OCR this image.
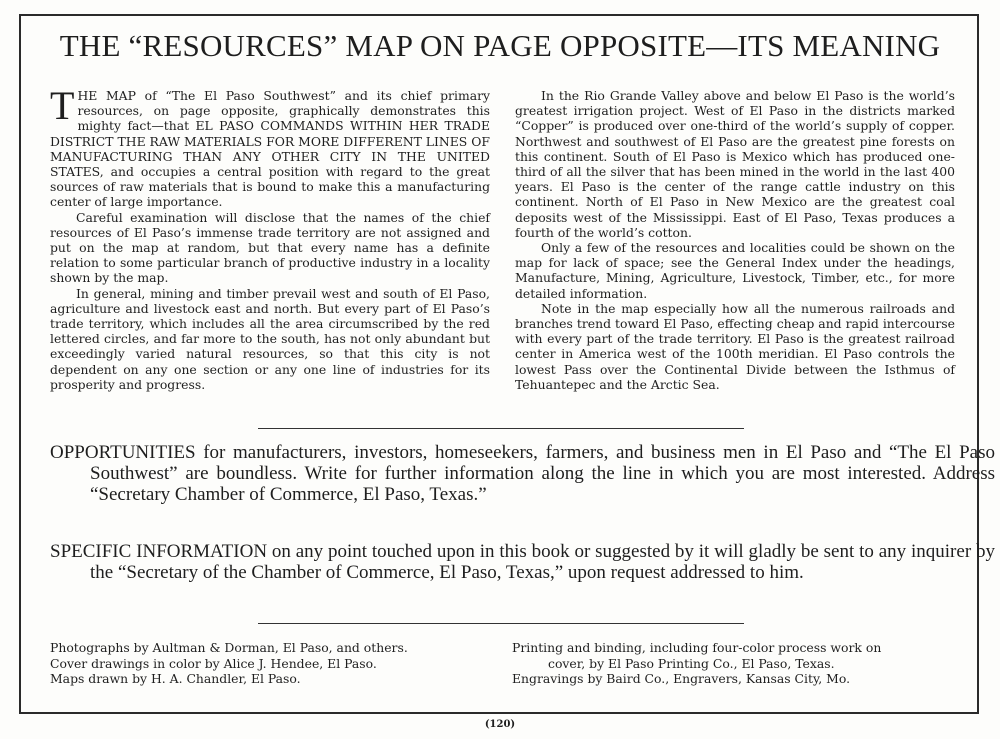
THE “RESOURCES” MAP ON PAGE OPPOSITE—ITS MEANING

THE MAP of “The El Paso Southwest” and its chief primary resources, on page opposite, graphically demonstrates this mighty fact—that EL PASO COMMANDS WITHIN HER TRADE DISTRICT THE RAW MATERIALS FOR MORE DIFFERENT LINES OF MANUFACTURING THAN ANY OTHER CITY IN THE UNITED STATES, and occupies a central position with regard to the great sources of raw materials that is bound to make this a manufacturing center of large importance.

Careful examination will disclose that the names of the chief resources of El Paso’s immense trade territory are not assigned and put on the map at random, but that every name has a definite relation to some particular branch of productive industry in a locality shown by the map.

In general, mining and timber prevail west and south of El Paso, agriculture and livestock east and north. But every part of El Paso’s trade territory, which includes all the area circumscribed by the red lettered circles, and far more to the south, has not only abundant but exceedingly varied natural resources, so that this city is not dependent on any one section or any one line of industries for its prosperity and progress.

In the Rio Grande Valley above and below El Paso is the world’s greatest irrigation project. West of El Paso in the districts marked “Copper” is produced over one-third of the world’s supply of copper. Northwest and southwest of El Paso are the greatest pine forests on this continent. South of El Paso is Mexico which has produced one-third of all the silver that has been mined in the world in the last 400 years. El Paso is the center of the range cattle industry on this continent. North of El Paso in New Mexico are the greatest coal deposits west of the Mississippi. East of El Paso, Texas produces a fourth of the world’s cotton.

Only a few of the resources and localities could be shown on the map for lack of space; see the General Index under the headings, Manufacture, Mining, Agriculture, Livestock, Timber, etc., for more detailed information.

Note in the map especially how all the numerous railroads and branches trend toward El Paso, effecting cheap and rapid intercourse with every part of the trade territory. El Paso is the greatest railroad center in America west of the 100th meridian. El Paso controls the lowest Pass over the Continental Divide between the Isthmus of Tehuantepec and the Arctic Sea.

OPPORTUNITIES for manufacturers, investors, homeseekers, farmers, and business men in El Paso and “The El Paso Southwest” are boundless. Write for further information along the line in which you are most interested. Address “Secretary Chamber of Commerce, El Paso, Texas.”

SPECIFIC INFORMATION on any point touched upon in this book or suggested by it will gladly be sent to any inquirer by the “Secretary of the Chamber of Commerce, El Paso, Texas,” upon request addressed to him.

Photographs by Aultman & Dorman, El Paso, and others.
Cover drawings in color by Alice J. Hendee, El Paso.
Maps drawn by H. A. Chandler, El Paso.
Printing and binding, including four-color process work on
cover, by El Paso Printing Co., El Paso, Texas.
Engravings by Baird Co., Engravers, Kansas City, Mo.
(120)
